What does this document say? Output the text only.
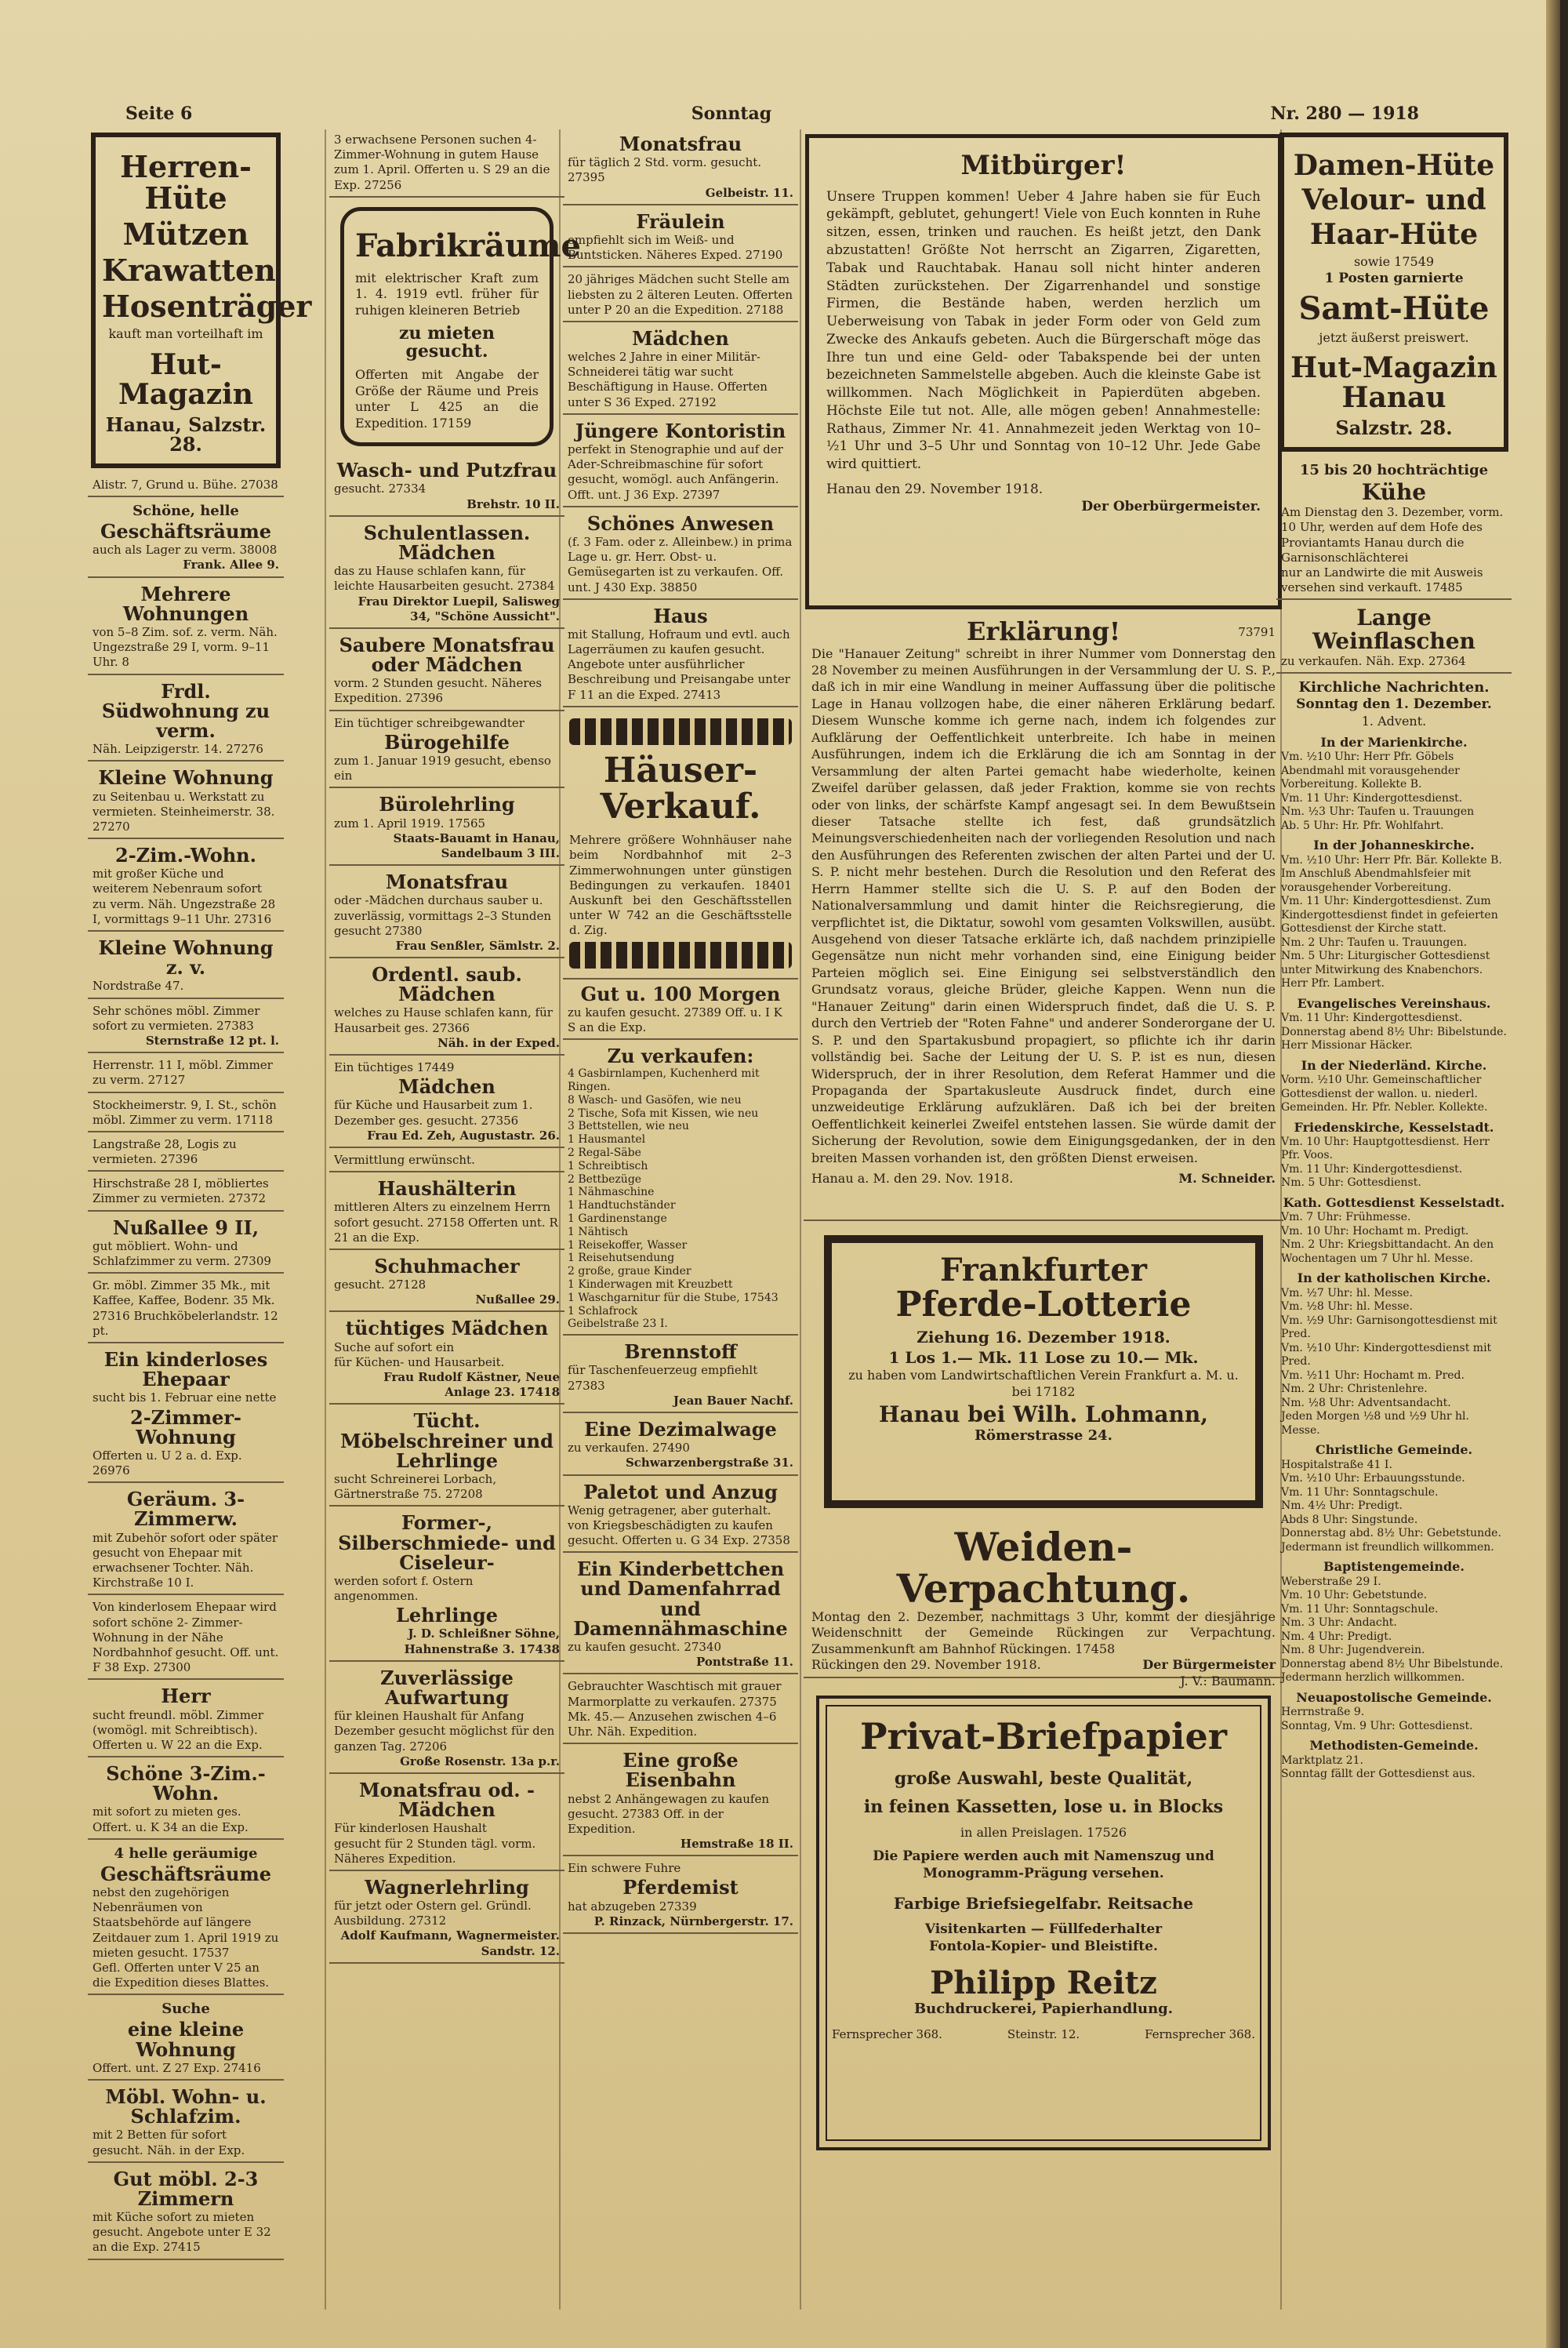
Seite 6	Sonntag	Nr. 280 — 1918
Herren-Hüte
Mützen
Krawatten
Hosenträger
kauft man vorteilhaft im
Hut-Magazin
Hanau, Salzstr. 28.
Alistr. 7, Grund u. Bühe. 27038
Schöne, helle
Geschäftsräume
auch als Lager zu verm. 38008
Frank. Allee 9.
Mehrere Wohnungen
von 5–8 Zim. sof. z. verm. Näh. Ungezstraße 29 I, vorm. 9–11 Uhr. 8
Frdl. Südwohnung zu verm.
Näh. Leipzigerstr. 14. 27276
Kleine Wohnung
zu Seitenbau u. Werkstatt zu vermieten. Steinheimerstr. 38. 27270
2-Zim.-Wohn.
mit großer Küche und weiterem Nebenraum sofort zu verm. Näh. Ungezstraße 28 I, vormittags 9–11 Uhr. 27316
Kleine Wohnung z. v.
Nordstraße 47.
Sehr schönes möbl. Zimmer sofort zu vermieten. 27383
Sternstraße 12 pt. l.
Herrenstr. 11 I, möbl. Zimmer zu verm. 27127
Stockheimerstr. 9, I. St., schön möbl. Zimmer zu verm. 17118
Langstraße 28, Logis zu vermieten. 27396
Hirschstraße 28 I, möbliertes Zimmer zu vermieten. 27372
Nußallee 9 II,
gut möbliert. Wohn- und Schlafzimmer zu verm. 27309
Gr. möbl. Zimmer 35 Mk., mit Kaffee, Kaffee, Bodenr. 35 Mk. 27316 Bruchköbelerlandstr. 12 pt.
Ein kinderloses Ehepaar
sucht bis 1. Februar eine nette
2-Zimmer-Wohnung
Offerten u. U 2 a. d. Exp. 26976
Geräum. 3-Zimmerw.
mit Zubehör sofort oder später gesucht von Ehepaar mit erwachsener Tochter. Näh. Kirchstraße 10 I.
Von kinderlosem Ehepaar wird sofort schöne 2- Zimmer-Wohnung in der Nähe Nordbahnhof gesucht. Off. unt. F 38 Exp. 27300
Herr
sucht freundl. möbl. Zimmer (womögl. mit Schreibtisch). Offerten u. W 22 an die Exp.
Schöne 3-Zim.-Wohn.
mit sofort zu mieten ges. Offert. u. K 34 an die Exp.
4 helle geräumige
Geschäftsräume
nebst den zugehörigen Nebenräumen von Staatsbehörde auf längere Zeitdauer zum 1. April 1919 zu mieten gesucht. 17537
Gefl. Offerten unter V 25 an die Expedition dieses Blattes.
Suche
eine kleine Wohnung
Offert. unt. Z 27 Exp. 27416
Möbl. Wohn- u. Schlafzim.
mit 2 Betten für sofort gesucht. Näh. in der Exp.
Gut möbl. 2-3 Zimmern
mit Küche sofort zu mieten gesucht. Angebote unter E 32 an die Exp. 27415
3 erwachsene Personen suchen 4-Zimmer-Wohnung in gutem Hause zum 1. April. Offerten u. S 29 an die Exp. 27256
Fabrikräume
mit elektrischer Kraft zum 1. 4. 1919 evtl. früher für ruhigen kleineren Betrieb
zu mieten gesucht.
Offerten mit Angabe der Größe der Räume und Preis unter L 425 an die Expedition. 17159
Wasch- und Putzfrau
gesucht. 27334
Brehstr. 10 II.
Schulentlassen. Mädchen
das zu Hause schlafen kann, für leichte Hausarbeiten gesucht. 27384
Frau Direktor Luepil, Salisweg 34, "Schöne Aussicht".
Saubere Monatsfrau oder Mädchen
vorm. 2 Stunden gesucht. Näheres Expedition. 27396
Ein tüchtiger schreibgewandter
Bürogehilfe
zum 1. Januar 1919 gesucht, ebenso ein
Bürolehrling
zum 1. April 1919. 17565
Staats-Bauamt in Hanau, Sandelbaum 3 III.
Monatsfrau
oder -Mädchen durchaus sauber u. zuverlässig, vormittags 2–3 Stunden gesucht 27380
Frau Senßler, Sämlstr. 2.
Ordentl. saub. Mädchen
welches zu Hause schlafen kann, für Hausarbeit ges. 27366
Näh. in der Exped.
Ein tüchtiges 17449
Mädchen
für Küche und Hausarbeit zum 1. Dezember ges. gesucht. 27356
Frau Ed. Zeh, Augustastr. 26.
Vermittlung erwünscht.
Haushälterin
mittleren Alters zu einzelnem Herrn sofort gesucht. 27158 Offerten unt. R 21 an die Exp.
Schuhmacher
gesucht. 27128
Nußallee 29.
tüchtiges Mädchen
Suche auf sofort ein
für Küchen- und Hausarbeit.
Frau Rudolf Kästner, Neue Anlage 23. 17418
Tücht. Möbelschreiner und Lehrlinge
sucht Schreinerei Lorbach, Gärtnerstraße 75. 27208
Former-, Silberschmiede- und Ciseleur-
werden sofort f. Ostern angenommen.
Lehrlinge
J. D. Schleißner Söhne, Hahnenstraße 3. 17438
Zuverlässige Aufwartung
für kleinen Haushalt für Anfang Dezember gesucht möglichst für den ganzen Tag. 27206
Große Rosenstr. 13a p.r.
Monatsfrau od. -Mädchen
Für kinderlosen Haushalt
gesucht für 2 Stunden tägl. vorm. Näheres Expedition.
Wagnerlehrling
für jetzt oder Ostern gel. Gründl. Ausbildung. 27312
Adolf Kaufmann, Wagnermeister. Sandstr. 12.
Monatsfrau
für täglich 2 Std. vorm. gesucht. 27395
Gelbeistr. 11.
Fräulein
empfiehlt sich im Weiß- und Buntsticken. Näheres Exped. 27190
20 jähriges Mädchen sucht Stelle am liebsten zu 2 älteren Leuten. Offerten unter P 20 an die Expedition. 27188
Mädchen
welches 2 Jahre in einer Militär-Schneiderei tätig war sucht Beschäftigung in Hause. Offerten unter S 36 Exped. 27192
Jüngere Kontoristin
perfekt in Stenographie und auf der Ader-Schreibmaschine für sofort gesucht, womögl. auch Anfängerin. Offt. unt. J 36 Exp. 27397
Schönes Anwesen
(f. 3 Fam. oder z. Alleinbew.) in prima Lage u. gr. Herr. Obst- u. Gemüsegarten ist zu verkaufen. Off. unt. J 430 Exp. 38850
Haus
mit Stallung, Hofraum und evtl. auch Lagerräumen zu kaufen gesucht. Angebote unter ausführlicher Beschreibung und Preisangabe unter F 11 an die Exped. 27413
Häuser-Verkauf.
Mehrere größere Wohnhäuser nahe beim Nordbahnhof mit 2–3 Zimmerwohnungen unter günstigen Bedingungen zu verkaufen. 18401 Auskunft bei den Geschäftsstellen unter W 742 an die Geschäftsstelle d. Zig.
Gut u. 100 Morgen
zu kaufen gesucht. 27389 Off. u. I K S an die Exp.
Zu verkaufen:
4 Gasbirnlampen, Kuchenherd mit Ringen.
8 Wasch- und Gasöfen, wie neu
2 Tische, Sofa mit Kissen, wie neu
3 Bettstellen, wie neu
1 Hausmantel
2 Regal-Säbe
1 Schreibtisch
2 Bettbezüge
1 Nähmaschine
1 Handtuchständer
1 Gardinenstange
1 Nähtisch
1 Reisekoffer, Wasser
1 Reisehutsendung
2 große, graue Kinder
1 Kinderwagen mit Kreuzbett
1 Waschgarnitur für die Stube, 17543
1 Schlafrock
Geibelstraße 23 I.
Brennstoff
für Taschenfeuerzeug empfiehlt 27383
Jean Bauer Nachf.
Eine Dezimalwage
zu verkaufen. 27490
Schwarzenbergstraße 31.
Paletot und Anzug
Wenig getragener, aber guterhalt.
von Kriegsbeschädigten zu kaufen gesucht. Offerten u. G 34 Exp. 27358
Ein Kinderbettchen und Damenfahrrad und Damennähmaschine
zu kaufen gesucht. 27340
Pontstraße 11.
Gebrauchter Waschtisch mit grauer Marmorplatte zu verkaufen. 27375 Mk. 45.— Anzusehen zwischen 4–6 Uhr. Näh. Expedition.
Eine große Eisenbahn
nebst 2 Anhängewagen zu kaufen gesucht. 27383 Off. in der Expedition.
Hemstraße 18 II.
Ein schwere Fuhre
Pferdemist
hat abzugeben 27339
P. Rinzack, Nürnbergerstr. 17.
Mitbürger!
Unsere Truppen kommen! Ueber 4 Jahre haben sie für Euch gekämpft, geblutet, gehungert! Viele von Euch konnten in Ruhe sitzen, essen, trinken und rauchen. Es heißt jetzt, den Dank abzustatten! Größte Not herrscht an Zigarren, Zigaretten, Tabak und Rauchtabak. Hanau soll nicht hinter anderen Städten zurückstehen. Der Zigarrenhandel und sonstige Firmen, die Bestände haben, werden herzlich um Ueberweisung von Tabak in jeder Form oder von Geld zum Zwecke des Ankaufs gebeten. Auch die Bürgerschaft möge das Ihre tun und eine Geld- oder Tabakspende bei der unten bezeichneten Sammelstelle abgeben. Auch die kleinste Gabe ist willkommen. Nach Möglichkeit in Papierdüten abgeben. Höchste Eile tut not. Alle, alle mögen geben! Annahmestelle: Rathaus, Zimmer Nr. 41. Annahmezeit jeden Werktag von 10–½1 Uhr und 3–5 Uhr und Sonntag von 10–12 Uhr. Jede Gabe wird quittiert.
Hanau den 29. November 1918.
Der Oberbürgermeister.
Erklärung!	73791
Die "Hanauer Zeitung" schreibt in ihrer Nummer vom Donnerstag den 28 November zu meinen Ausführungen in der Versammlung der U. S. P., daß ich in mir eine Wandlung in meiner Auffassung über die politische Lage in Hanau vollzogen habe, die einer näheren Erklärung bedarf. Diesem Wunsche komme ich gerne nach, indem ich folgendes zur Aufklärung der Oeffentlichkeit unterbreite. Ich habe in meinen Ausführungen, indem ich die Erklärung die ich am Sonntag in der Versammlung der alten Partei gemacht habe wiederholte, keinen Zweifel darüber gelassen, daß jeder Fraktion, komme sie von rechts oder von links, der schärfste Kampf angesagt sei. In dem Bewußtsein dieser Tatsache stellte ich fest, daß grundsätzlich Meinungsverschiedenheiten nach der vorliegenden Resolution und nach den Ausführungen des Referenten zwischen der alten Partei und der U. S. P. nicht mehr bestehen. Durch die Resolution und den Referat des Herrn Hammer stellte sich die U. S. P. auf den Boden der Nationalversammlung und damit hinter die Reichsregierung, die verpflichtet ist, die Diktatur, sowohl vom gesamten Volkswillen, ausübt. Ausgehend von dieser Tatsache erklärte ich, daß nachdem prinzipielle Gegensätze nun nicht mehr vorhanden sind, eine Einigung beider Parteien möglich sei. Eine Einigung sei selbstverständlich den Grundsatz voraus, gleiche Brüder, gleiche Kappen. Wenn nun die "Hanauer Zeitung" darin einen Widerspruch findet, daß die U. S. P. durch den Vertrieb der "Roten Fahne" und anderer Sonderorgane der U. S. P. und den Spartakusbund propagiert, so pflichte ich ihr darin vollständig bei. Sache der Leitung der U. S. P. ist es nun, diesen Widerspruch, der in ihrer Resolution, dem Referat Hammer und die Propaganda der Spartakusleute Ausdruck findet, durch eine unzweideutige Erklärung aufzuklären. Daß ich bei der breiten Oeffentlichkeit keinerlei Zweifel entstehen lassen. Sie würde damit der Sicherung der Revolution, sowie dem Einigungsgedanken, der in den breiten Massen vorhanden ist, den größten Dienst erweisen.
Hanau a. M. den 29. Nov. 1918.	M. Schneider.
Frankfurter
Pferde-Lotterie
Ziehung 16. Dezember 1918.
1 Los 1.— Mk. 11 Lose zu 10.— Mk.
zu haben vom Landwirtschaftlichen Verein Frankfurt a. M. u. bei 17182
Hanau bei Wilh. Lohmann,
Römerstrasse 24.
Weiden-Verpachtung.
Montag den 2. Dezember, nachmittags 3 Uhr, kommt der diesjährige Weidenschnitt der Gemeinde Rückingen zur Verpachtung. Zusammenkunft am Bahnhof Rückingen. 17458
Rückingen den 29. November 1918.	Der Bürgermeister
J. V.: Baumann.
Privat-Briefpapier
große Auswahl, beste Qualität,
in feinen Kassetten, lose u. in Blocks
in allen Preislagen. 17526
Die Papiere werden auch mit Namenszug und Monogramm-Prägung versehen.
Farbige Briefsiegelfabr. Reitsache
Visitenkarten — Füllfederhalter
Fontola-Kopier- und Bleistifte.
Philipp Reitz
Buchdruckerei, Papierhandlung.
Fernsprecher 368.	Steinstr. 12.	Fernsprecher 368.
Damen-Hüte
Velour- und
Haar-Hüte
sowie 17549
1 Posten garnierte
Samt-Hüte
jetzt äußerst preiswert.
Hut-Magazin Hanau
Salzstr. 28.
15 bis 20 hochträchtige
Kühe
Am Dienstag den 3. Dezember, vorm. 10 Uhr, werden auf dem Hofe des Proviantamts Hanau durch die Garnisonschlächterei
nur an Landwirte die mit Ausweis versehen sind verkauft. 17485
Lange Weinflaschen
zu verkaufen. Näh. Exp. 27364
Kirchliche Nachrichten.
Sonntag den 1. Dezember.
1. Advent.
In der Marienkirche.
Vm. ½10 Uhr: Herr Pfr. Göbels Abendmahl mit vorausgehender Vorbereitung. Kollekte B.
Vm. 11 Uhr: Kindergottesdienst.
Nm. ½3 Uhr: Taufen u. Trauungen
Ab. 5 Uhr: Hr. Pfr. Wohlfahrt.
In der Johanneskirche.
Vm. ½10 Uhr: Herr Pfr. Bär. Kollekte B.
Im Anschluß Abendmahlsfeier mit vorausgehender Vorbereitung.
Vm. 11 Uhr: Kindergottesdienst. Zum Kindergottesdienst findet in gefeierten Gottesdienst der Kirche statt.
Nm. 2 Uhr: Taufen u. Trauungen.
Nm. 5 Uhr: Liturgischer Gottesdienst unter Mitwirkung des Knabenchors. Herr Pfr. Lambert.
Evangelisches Vereinshaus.
Vm. 11 Uhr: Kindergottesdienst.
Donnerstag abend 8½ Uhr: Bibelstunde. Herr Missionar Häcker.
In der Niederländ. Kirche.
Vorm. ½10 Uhr. Gemeinschaftlicher Gottesdienst der wallon. u. niederl. Gemeinden. Hr. Pfr. Nebler. Kollekte.
Friedenskirche, Kesselstadt.
Vm. 10 Uhr: Hauptgottesdienst. Herr Pfr. Voos.
Vm. 11 Uhr: Kindergottesdienst.
Nm. 5 Uhr: Gottesdienst.
Kath. Gottesdienst Kesselstadt.
Vm. 7 Uhr: Frühmesse.
Vm. 10 Uhr: Hochamt m. Predigt.
Nm. 2 Uhr: Kriegsbittandacht. An den Wochentagen um 7 Uhr hl. Messe.
In der katholischen Kirche.
Vm. ½7 Uhr: hl. Messe.
Vm. ½8 Uhr: hl. Messe.
Vm. ½9 Uhr: Garnisongottesdienst mit Pred.
Vm. ½10 Uhr: Kindergottesdienst mit Pred.
Vm. ½11 Uhr: Hochamt m. Pred.
Nm. 2 Uhr: Christenlehre.
Nm. ½8 Uhr: Adventsandacht.
Jeden Morgen ½8 und ½9 Uhr hl. Messe.
Christliche Gemeinde.
Hospitalstraße 41 I.
Vm. ½10 Uhr: Erbauungsstunde.
Vm. 11 Uhr: Sonntagschule.
Nm. 4½ Uhr: Predigt.
Abds 8 Uhr: Singstunde.
Donnerstag abd. 8½ Uhr: Gebetstunde. Jedermann ist freundlich willkommen.
Baptistengemeinde.
Weberstraße 29 I.
Vm. 10 Uhr: Gebetstunde.
Vm. 11 Uhr: Sonntagschule.
Nm. 3 Uhr: Andacht.
Nm. 4 Uhr: Predigt.
Nm. 8 Uhr: Jugendverein.
Donnerstag abend 8½ Uhr Bibelstunde.
Jedermann herzlich willkommen.
Neuapostolische Gemeinde.
Herrnstraße 9.
Sonntag, Vm. 9 Uhr: Gottesdienst.
Methodisten-Gemeinde.
Marktplatz 21.
Sonntag fällt der Gottesdienst aus.
